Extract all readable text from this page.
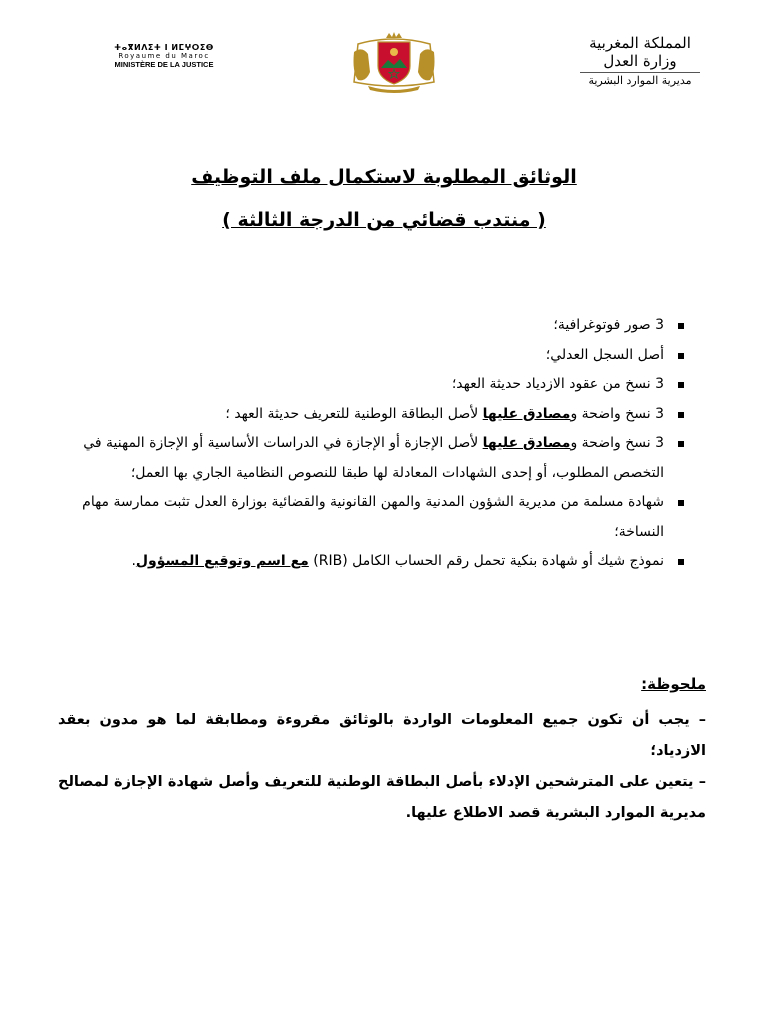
ⵜⴰⴳⵍⴷⵉⵜ ⵏ ⵍⵎⵖⵔⵉⴱ
Royaume du Maroc
MINISTÈRE DE LA JUSTICE
المملكة المغربية
وزارة العدل
مديرية الموارد البشرية
الوثائق المطلوبة لاستكمال ملف التوظيف
( منتدب قضائي من الدرجة الثالثة )
3 صور فوتوغرافية؛
أصل السجل العدلي؛
3 نسخ من عقود الازدياد حديثة العهد؛
3 نسخ واضحة ومصادق عليها لأصل البطاقة الوطنية للتعريف حديثة العهد ؛
3 نسخ واضحة ومصادق عليها لأصل الإجازة أو الإجازة في الدراسات الأساسية أو الإجازة المهنية في التخصص المطلوب، أو إحدى الشهادات المعادلة لها طبقا للنصوص النظامية الجاري بها العمل؛
شهادة مسلمة من مديرية الشؤون المدنية والمهن القانونية والقضائية بوزارة العدل تثبت ممارسة مهام النساخة؛
نموذج شيك أو شهادة بنكية تحمل رقم الحساب الكامل (RIB) مع اسم وتوقيع المسؤول.
ملحوظة:

– يجب أن تكون جميع المعلومات الواردة بالوثائق مقروءة ومطابقة لما هو مدون بعقد الازدياد؛

– يتعين على المترشحين الإدلاء بأصل البطاقة الوطنية للتعريف وأصل شهادة الإجازة لمصالح مديرية الموارد البشرية قصد الاطلاع عليها.
